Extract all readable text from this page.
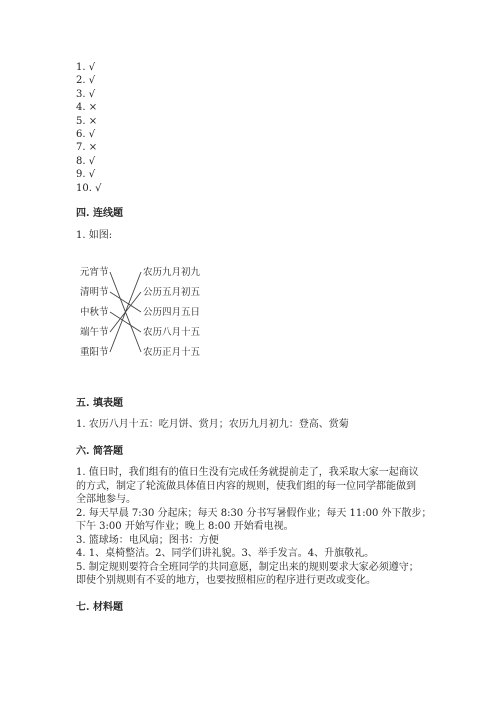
1. √
2. √
3. √
4. ×
5. ×
6. √
7. ×
8. √
9. √
10. √
四. 连线题
1. 如图:
元宵节
清明节
中秋节
端午节
重阳节
农历九月初九
公历五月初五
公历四月五日
农历八月十五
农历正月十五
五. 填表题
1. 农历八月十五：吃月饼、赏月；农历九月初九：登高、赏菊
六. 简答题
1. 值日时，我们组有的值日生没有完成任务就提前走了，我采取大家一起商议
的方式，制定了轮流做具体值日内容的规则，使我们组的每一位同学都能做到
全部地参与。
2. 每天早晨 7:30 分起床；每天 8:30 分书写暑假作业；每天 11:00 外下散步；
下午 3:00 开始写作业；晚上 8:00 开始看电视。
3. 篮球场：电风扇；图书：方便
4. 1、桌椅整洁。2、同学们讲礼貌。3、举手发言。4、升旗敬礼。
5. 制定规则要符合全班同学的共同意愿，制定出来的规则要求大家必须遵守；
即使个别规则有不妥的地方，也要按照相应的程序进行更改或变化。
七. 材料题
